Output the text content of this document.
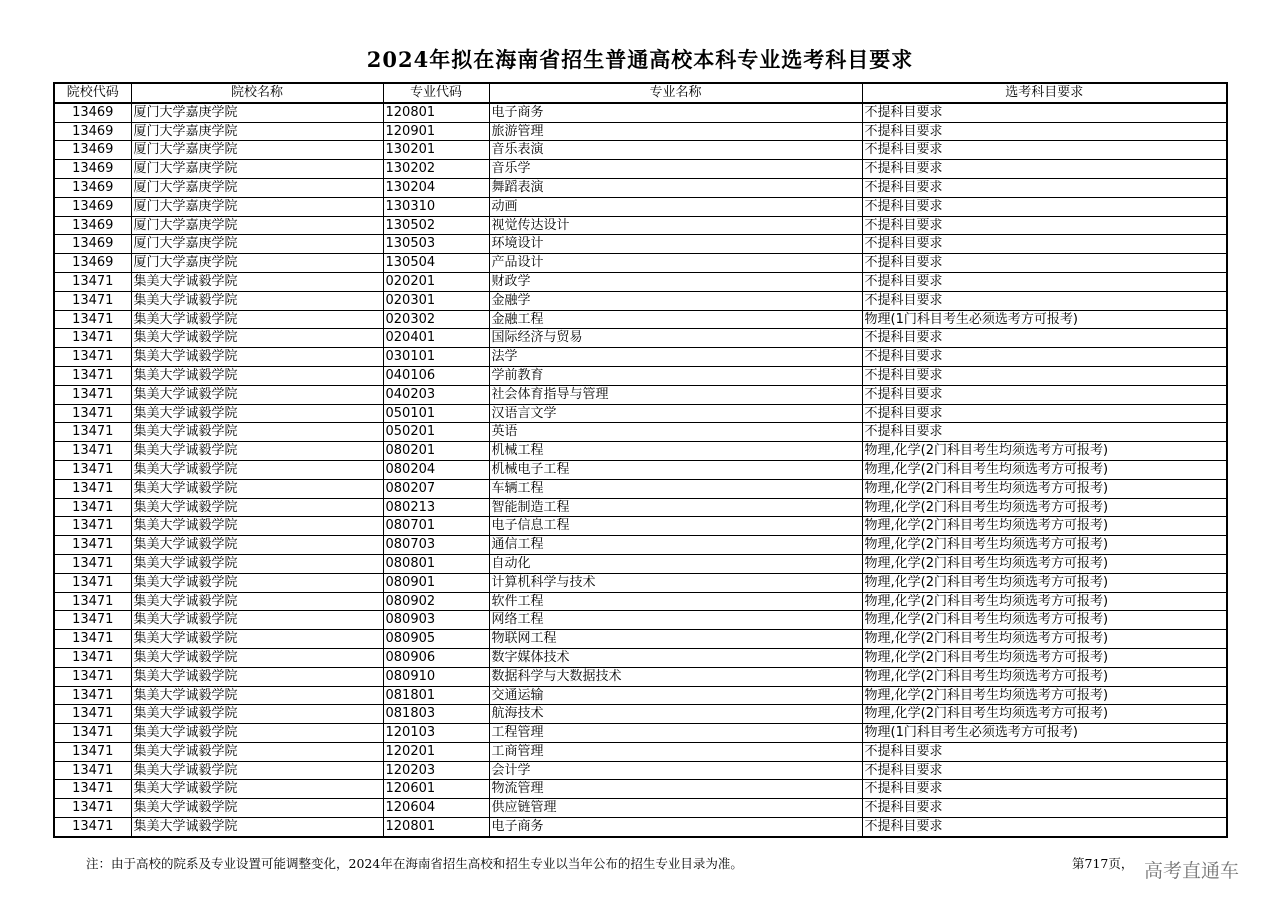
2024年拟在海南省招生普通高校本科专业选考科目要求
院校代码	院校名称	专业代码	专业名称	选考科目要求
13469	厦门大学嘉庚学院	120801	电子商务	不提科目要求
13469	厦门大学嘉庚学院	120901	旅游管理	不提科目要求
13469	厦门大学嘉庚学院	130201	音乐表演	不提科目要求
13469	厦门大学嘉庚学院	130202	音乐学	不提科目要求
13469	厦门大学嘉庚学院	130204	舞蹈表演	不提科目要求
13469	厦门大学嘉庚学院	130310	动画	不提科目要求
13469	厦门大学嘉庚学院	130502	视觉传达设计	不提科目要求
13469	厦门大学嘉庚学院	130503	环境设计	不提科目要求
13469	厦门大学嘉庚学院	130504	产品设计	不提科目要求
13471	集美大学诚毅学院	020201	财政学	不提科目要求
13471	集美大学诚毅学院	020301	金融学	不提科目要求
13471	集美大学诚毅学院	020302	金融工程	物理(1门科目考生必须选考方可报考)
13471	集美大学诚毅学院	020401	国际经济与贸易	不提科目要求
13471	集美大学诚毅学院	030101	法学	不提科目要求
13471	集美大学诚毅学院	040106	学前教育	不提科目要求
13471	集美大学诚毅学院	040203	社会体育指导与管理	不提科目要求
13471	集美大学诚毅学院	050101	汉语言文学	不提科目要求
13471	集美大学诚毅学院	050201	英语	不提科目要求
13471	集美大学诚毅学院	080201	机械工程	物理,化学(2门科目考生均须选考方可报考)
13471	集美大学诚毅学院	080204	机械电子工程	物理,化学(2门科目考生均须选考方可报考)
13471	集美大学诚毅学院	080207	车辆工程	物理,化学(2门科目考生均须选考方可报考)
13471	集美大学诚毅学院	080213	智能制造工程	物理,化学(2门科目考生均须选考方可报考)
13471	集美大学诚毅学院	080701	电子信息工程	物理,化学(2门科目考生均须选考方可报考)
13471	集美大学诚毅学院	080703	通信工程	物理,化学(2门科目考生均须选考方可报考)
13471	集美大学诚毅学院	080801	自动化	物理,化学(2门科目考生均须选考方可报考)
13471	集美大学诚毅学院	080901	计算机科学与技术	物理,化学(2门科目考生均须选考方可报考)
13471	集美大学诚毅学院	080902	软件工程	物理,化学(2门科目考生均须选考方可报考)
13471	集美大学诚毅学院	080903	网络工程	物理,化学(2门科目考生均须选考方可报考)
13471	集美大学诚毅学院	080905	物联网工程	物理,化学(2门科目考生均须选考方可报考)
13471	集美大学诚毅学院	080906	数字媒体技术	物理,化学(2门科目考生均须选考方可报考)
13471	集美大学诚毅学院	080910	数据科学与大数据技术	物理,化学(2门科目考生均须选考方可报考)
13471	集美大学诚毅学院	081801	交通运输	物理,化学(2门科目考生均须选考方可报考)
13471	集美大学诚毅学院	081803	航海技术	物理,化学(2门科目考生均须选考方可报考)
13471	集美大学诚毅学院	120103	工程管理	物理(1门科目考生必须选考方可报考)
13471	集美大学诚毅学院	120201	工商管理	不提科目要求
13471	集美大学诚毅学院	120203	会计学	不提科目要求
13471	集美大学诚毅学院	120601	物流管理	不提科目要求
13471	集美大学诚毅学院	120604	供应链管理	不提科目要求
13471	集美大学诚毅学院	120801	电子商务	不提科目要求
注：由于高校的院系及专业设置可能调整变化，2024年在海南省招生高校和招生专业以当年公布的招生专业目录为准。	第717页， 高考直通车
